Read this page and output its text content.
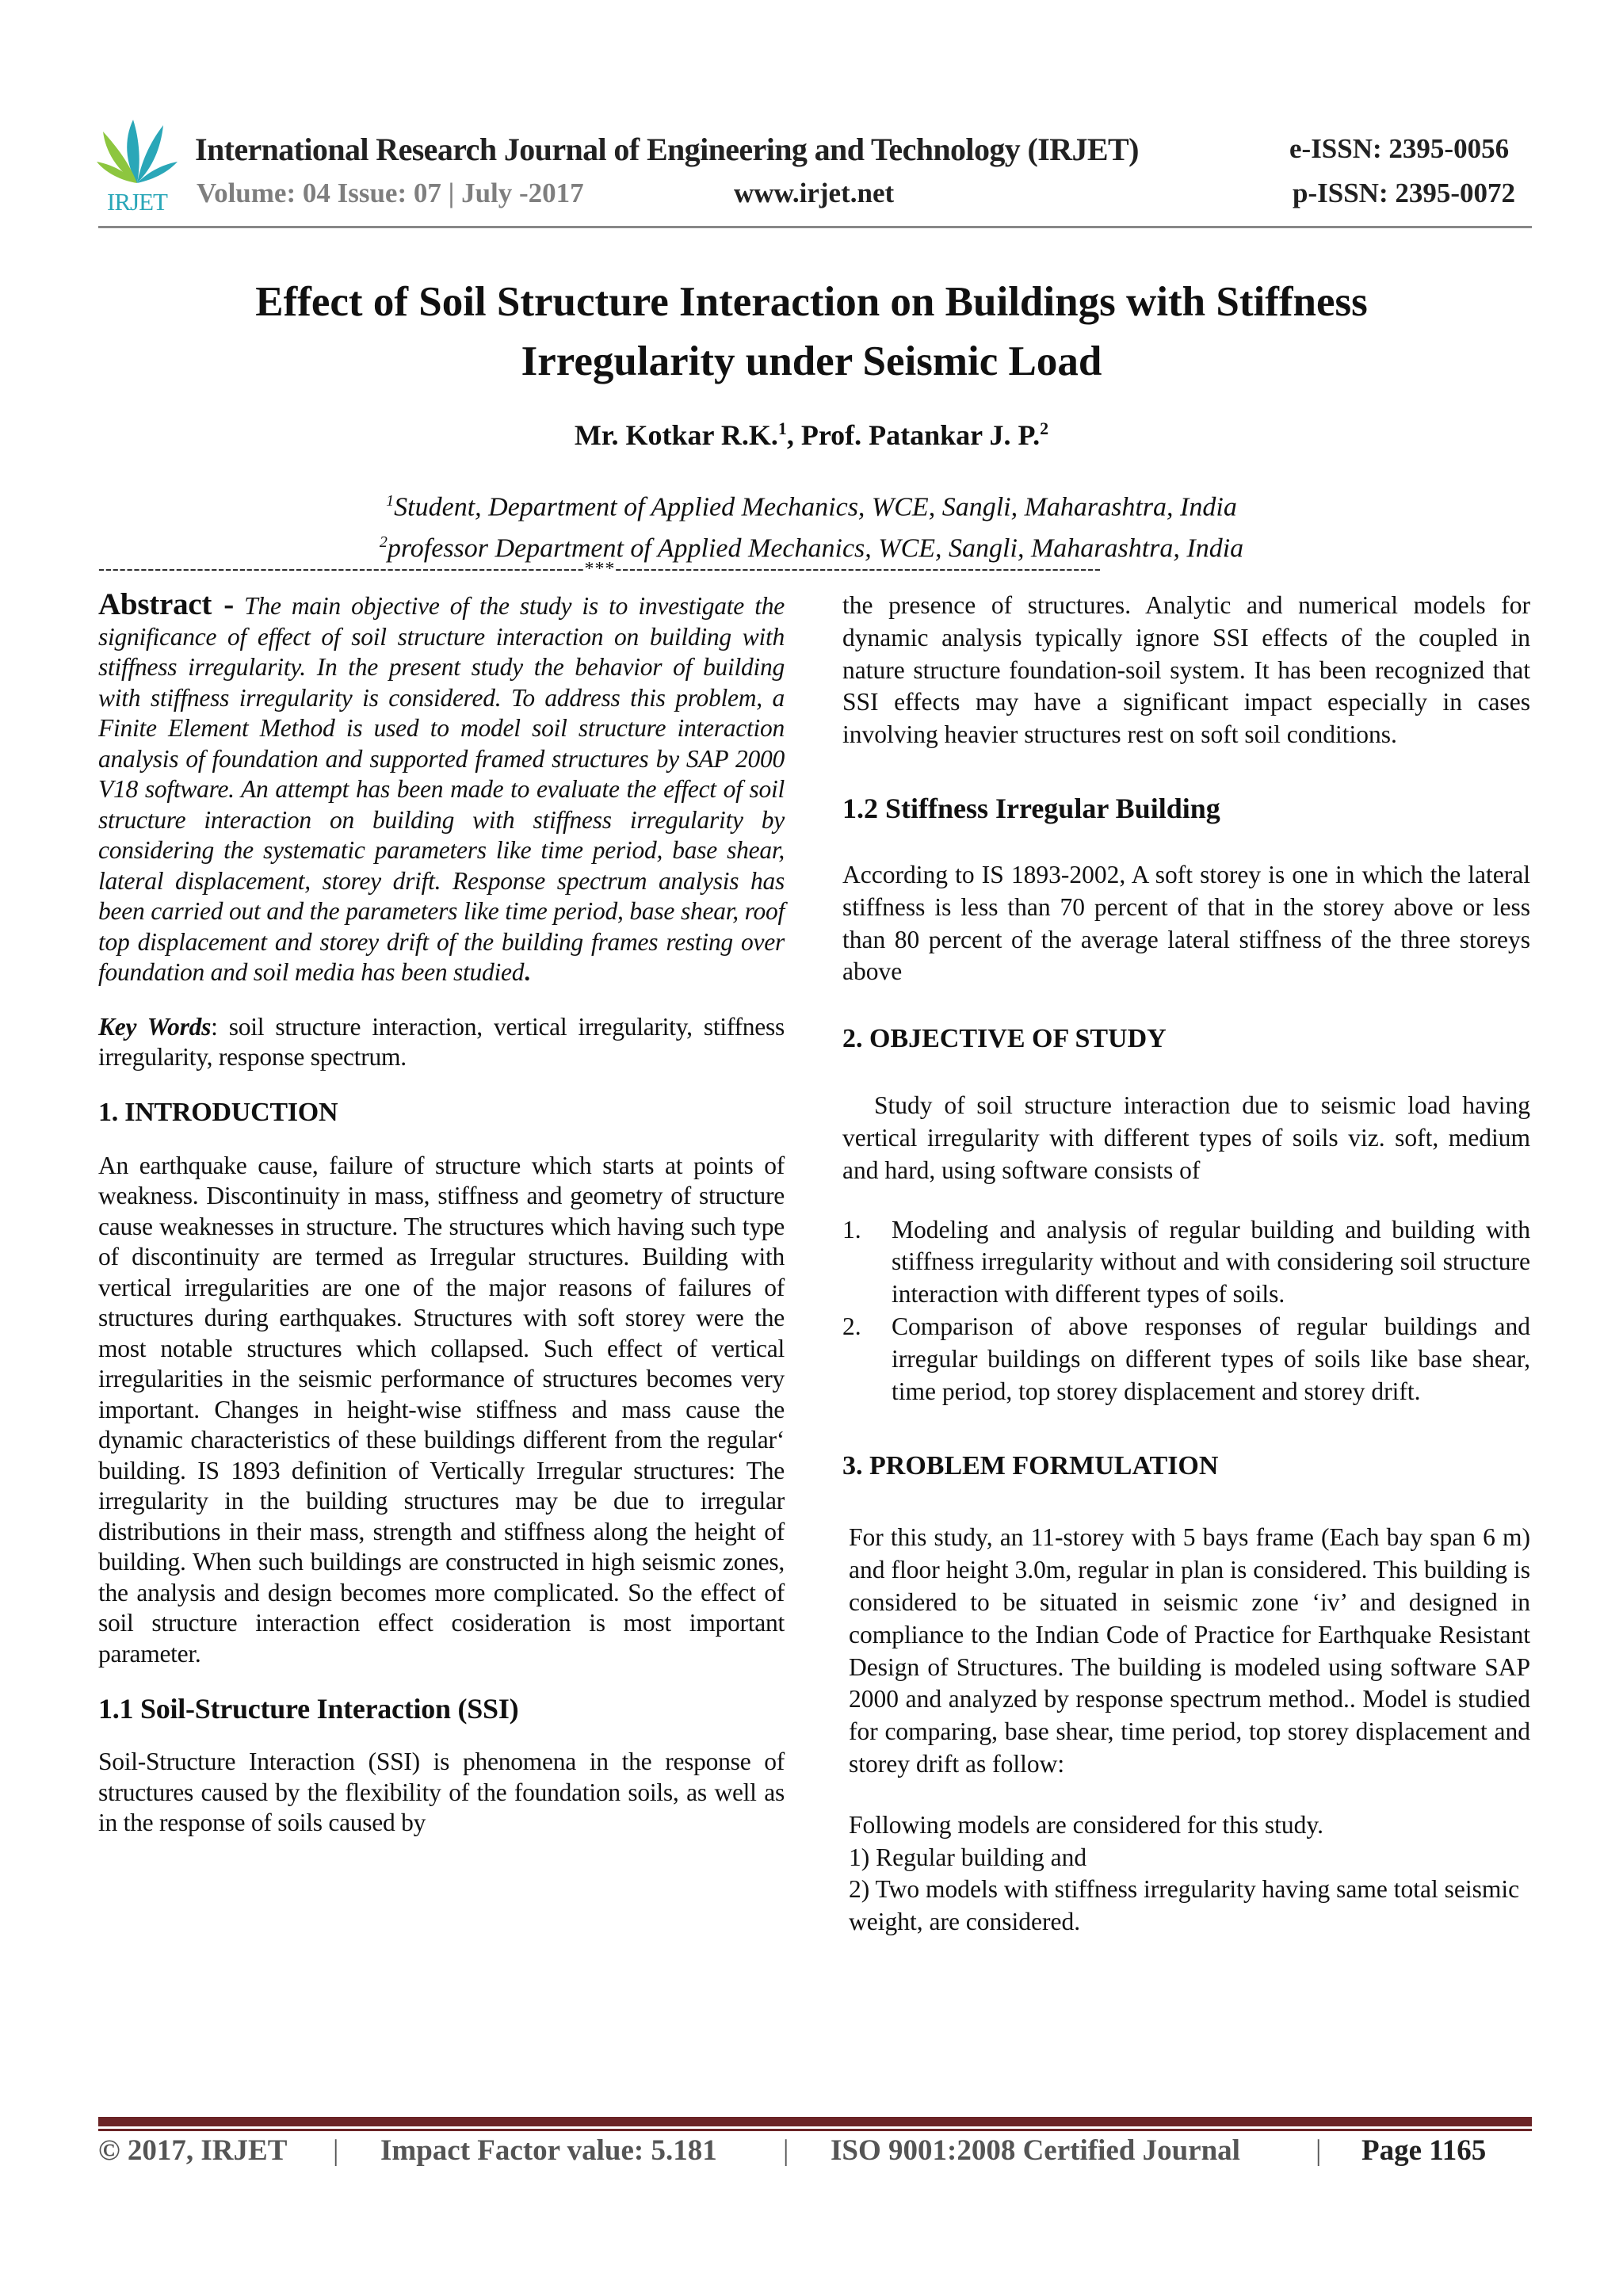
IRJET
International Research Journal of Engineering and Technology (IRJET)	e-ISSN: 2395-0056
Volume: 04 Issue: 07 | July -2017	www.irjet.net	p-ISSN: 2395-0072
Effect of Soil Structure Interaction on Buildings with Stiffness
Irregularity under Seismic Load
Mr. Kotkar R.K.$^1$, Prof. Patankar J. P.$^2$
$^1$Student, Department of Applied Mechanics, WCE, Sangli, Maharashtra, India
$^2$professor Department of Applied Mechanics, WCE, Sangli, Maharashtra, India
---------------------------------------------------------------------***---------------------------------------------------------------------

Abstract - The main objective of the study is to investigate the significance of effect of soil structure interaction on building with stiffness irregularity. In the present study the behavior of building with stiffness irregularity is considered. To address this problem, a Finite Element Method is used to model soil structure interaction analysis of foundation and supported framed structures by SAP 2000 V18 software. An attempt has been made to evaluate the effect of soil structure interaction on building with stiffness irregularity by considering the systematic parameters like time period, base shear, lateral displacement, storey drift. Response spectrum analysis has been carried out and the parameters like time period, base shear, roof top displacement and storey drift of the building frames resting over foundation and soil media has been studied.

Key Words: soil structure interaction, vertical irregularity, stiffness irregularity, response spectrum.

1. INTRODUCTION

An earthquake cause, failure of structure which starts at points of weakness. Discontinuity in mass, stiffness and geometry of structure cause weaknesses in structure. The structures which having such type of discontinuity are termed as Irregular structures. Building with vertical irregularities are one of the major reasons of failures of structures during earthquakes. Structures with soft storey were the most notable structures which collapsed. Such effect of vertical irregularities in the seismic performance of structures becomes very important. Changes in height-wise stiffness and mass cause the dynamic characteristics of these buildings different from the regular‘ building. IS 1893 definition of Vertically Irregular structures: The irregularity in the building structures may be due to irregular distributions in their mass, strength and stiffness along the height of building. When such buildings are constructed in high seismic zones, the analysis and design becomes more complicated. So the effect of soil structure interaction effect cosideration is most important parameter.

1.1 Soil-Structure Interaction (SSI)

Soil-Structure Interaction (SSI) is phenomena in the response of structures caused by the flexibility of the foundation soils, as well as in the response of soils caused by

the presence of structures. Analytic and numerical models for dynamic analysis typically ignore SSI effects of the coupled in nature structure foundation-soil system. It has been recognized that SSI effects may have a significant impact especially in cases involving heavier structures rest on soft soil conditions.

1.2 Stiffness Irregular Building

According to IS 1893-2002, A soft storey is one in which the lateral stiffness is less than 70 percent of that in the storey above or less than 80 percent of the average lateral stiffness of the three storeys above

2. OBJECTIVE OF STUDY

Study of soil structure interaction due to seismic load having vertical irregularity with different types of soils viz. soft, medium and hard, using software consists of

1. Modeling and analysis of regular building and building with stiffness irregularity without and with considering soil structure interaction with different types of soils.
2. Comparison of above responses of regular buildings and irregular buildings on different types of soils like base shear, time period, top storey displacement and storey drift.
3. PROBLEM FORMULATION

For this study, an 11-storey with 5 bays frame (Each bay span 6 m) and floor height 3.0m, regular in plan is considered. This building is considered to be situated in seismic zone ‘iv’ and designed in compliance to the Indian Code of Practice for Earthquake Resistant Design of Structures. The building is modeled using software SAP 2000 and analyzed by response spectrum method.. Model is studied for comparing, base shear, time period, top storey displacement and storey drift as follow:

Following models are considered for this study.

1) Regular building and

2) Two models with stiffness irregularity having same total seismic weight, are considered.

© 2017, IRJET | Impact Factor value: 5.181 | ISO 9001:2008 Certified Journal	| Page 1165
